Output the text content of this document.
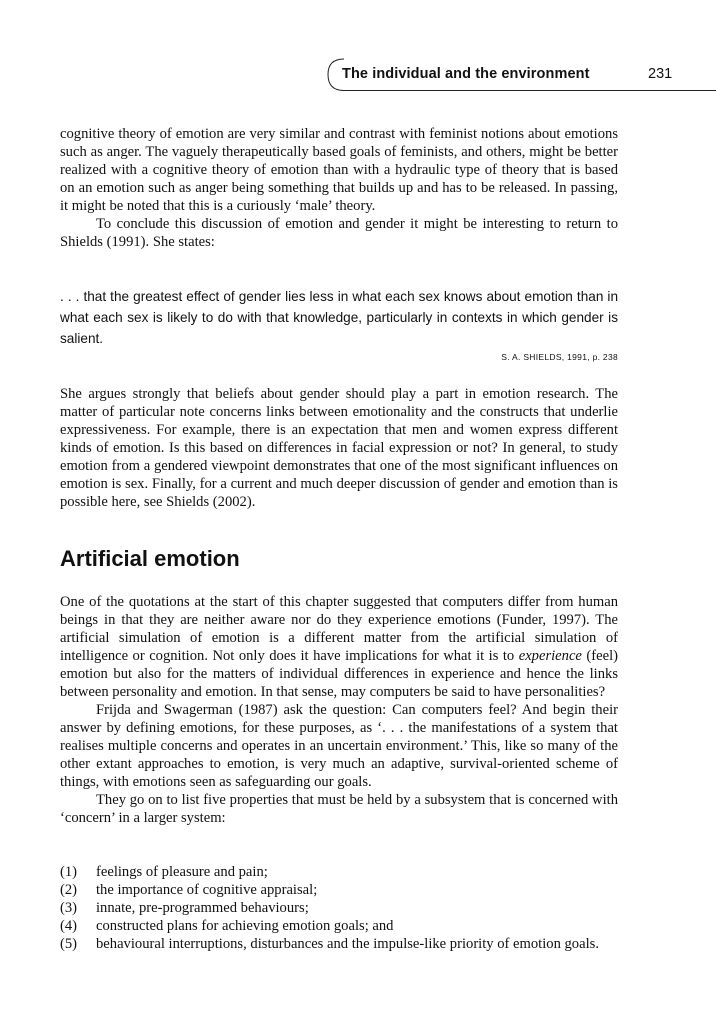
The individual and the environment	231

cognitive theory of emotion are very similar and contrast with feminist notions about emotions such as anger. The vaguely therapeutically based goals of feminists, and others, might be better realized with a cognitive theory of emotion than with a hydraulic type of theory that is based on an emotion such as anger being something that builds up and has to be released. In passing, it might be noted that this is a curiously ‘male’ theory.

To conclude this discussion of emotion and gender it might be interesting to return to Shields (1991). She states:

. . . that the greatest effect of gender lies less in what each sex knows about emotion than in what each sex is likely to do with that knowledge, particularly in contexts in which gender is salient.

S. A. SHIELDS, 1991, p. 238

She argues strongly that beliefs about gender should play a part in emotion research. The matter of particular note concerns links between emotionality and the constructs that underlie expressiveness. For example, there is an expectation that men and women express different kinds of emotion. Is this based on differences in facial expression or not? In general, to study emotion from a gendered viewpoint demonstrates that one of the most significant influences on emotion is sex. Finally, for a current and much deeper discussion of gender and emotion than is possible here, see Shields (2002).

Artificial emotion

One of the quotations at the start of this chapter suggested that computers differ from human beings in that they are neither aware nor do they experience emotions (Funder, 1997). The artificial simulation of emotion is a different matter from the artificial simulation of intelligence or cognition. Not only does it have implications for what it is to experience (feel) emotion but also for the matters of individual differences in experience and hence the links between personality and emotion. In that sense, may computers be said to have personalities?

Frijda and Swagerman (1987) ask the question: Can computers feel? And begin their answer by defining emotions, for these purposes, as ‘. . . the manifestations of a system that realises multiple concerns and operates in an uncertain environment.’ This, like so many of the other extant approaches to emotion, is very much an adaptive, survival-oriented scheme of things, with emotions seen as safeguarding our goals.

They go on to list five properties that must be held by a subsystem that is concerned with ‘concern’ in a larger system:

(1) feelings of pleasure and pain;
(2) the importance of cognitive appraisal;
(3) innate, pre-programmed behaviours;
(4) constructed plans for achieving emotion goals; and
(5) behavioural interruptions, disturbances and the impulse-like priority of emotion goals.
